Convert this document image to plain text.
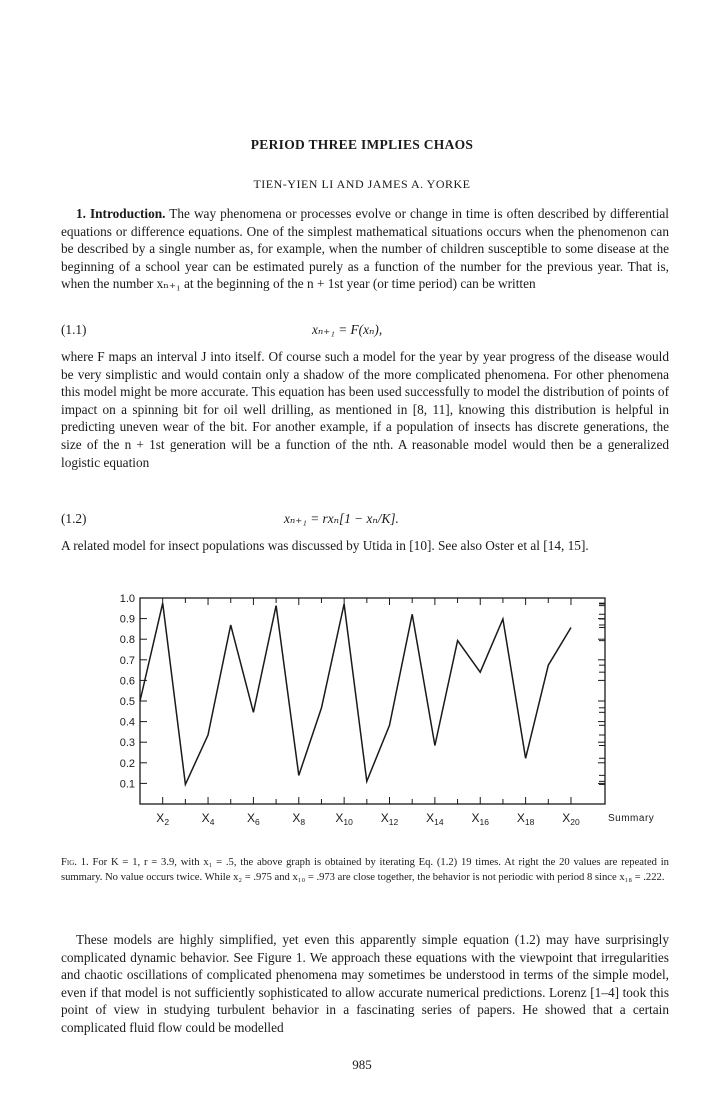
PERIOD THREE IMPLIES CHAOS
TIEN-YIEN LI AND JAMES A. YORKE

1. Introduction. The way phenomena or processes evolve or change in time is often described by differential equations or difference equations. One of the simplest mathematical situations occurs when the phenomenon can be described by a single number as, for example, when the number of children susceptible to some disease at the beginning of a school year can be estimated purely as a function of the number for the previous year. That is, when the number xₙ₊₁ at the beginning of the n + 1st year (or time period) can be written

(1.1)	xₙ₊₁ = F(xₙ),

where F maps an interval J into itself. Of course such a model for the year by year progress of the disease would be very simplistic and would contain only a shadow of the more complicated phenomena. For other phenomena this model might be more accurate. This equation has been used successfully to model the distribution of points of impact on a spinning bit for oil well drilling, as mentioned in [8, 11], knowing this distribution is helpful in predicting uneven wear of the bit. For another example, if a population of insects has discrete generations, the size of the n + 1st generation will be a function of the nth. A reasonable model would then be a generalized logistic equation

(1.2)	xₙ₊₁ = rxₙ[1 − xₙ/K].

A related model for insect populations was discussed by Utida in [10]. See also Oster et al [14, 15].

0.1
0.2
0.3
0.4
0.5
0.6
0.7
0.8
0.9
1.0
$X_2$	$X_4$	$X_6$	$X_8$	$X_{10}$ $X_{12}$ $X_{14}$ $X_{16}$ $X_{18}$ $X_{20}$	Summary

Fig. 1. For K = 1, r = 3.9, with x₁ = .5, the above graph is obtained by iterating Eq. (1.2) 19 times. At right the 20 values are repeated in summary. No value occurs twice. While x₂ = .975 and x₁₀ = .973 are close together, the behavior is not periodic with period 8 since x₁₈ = .222.

These models are highly simplified, yet even this apparently simple equation (1.2) may have surprisingly complicated dynamic behavior. See Figure 1. We approach these equations with the viewpoint that irregularities and chaotic oscillations of complicated phenomena may sometimes be understood in terms of the simple model, even if that model is not sufficiently sophisticated to allow accurate numerical predictions. Lorenz [1–4] took this point of view in studying turbulent behavior in a fascinating series of papers. He showed that a certain complicated fluid flow could be modelled

985
